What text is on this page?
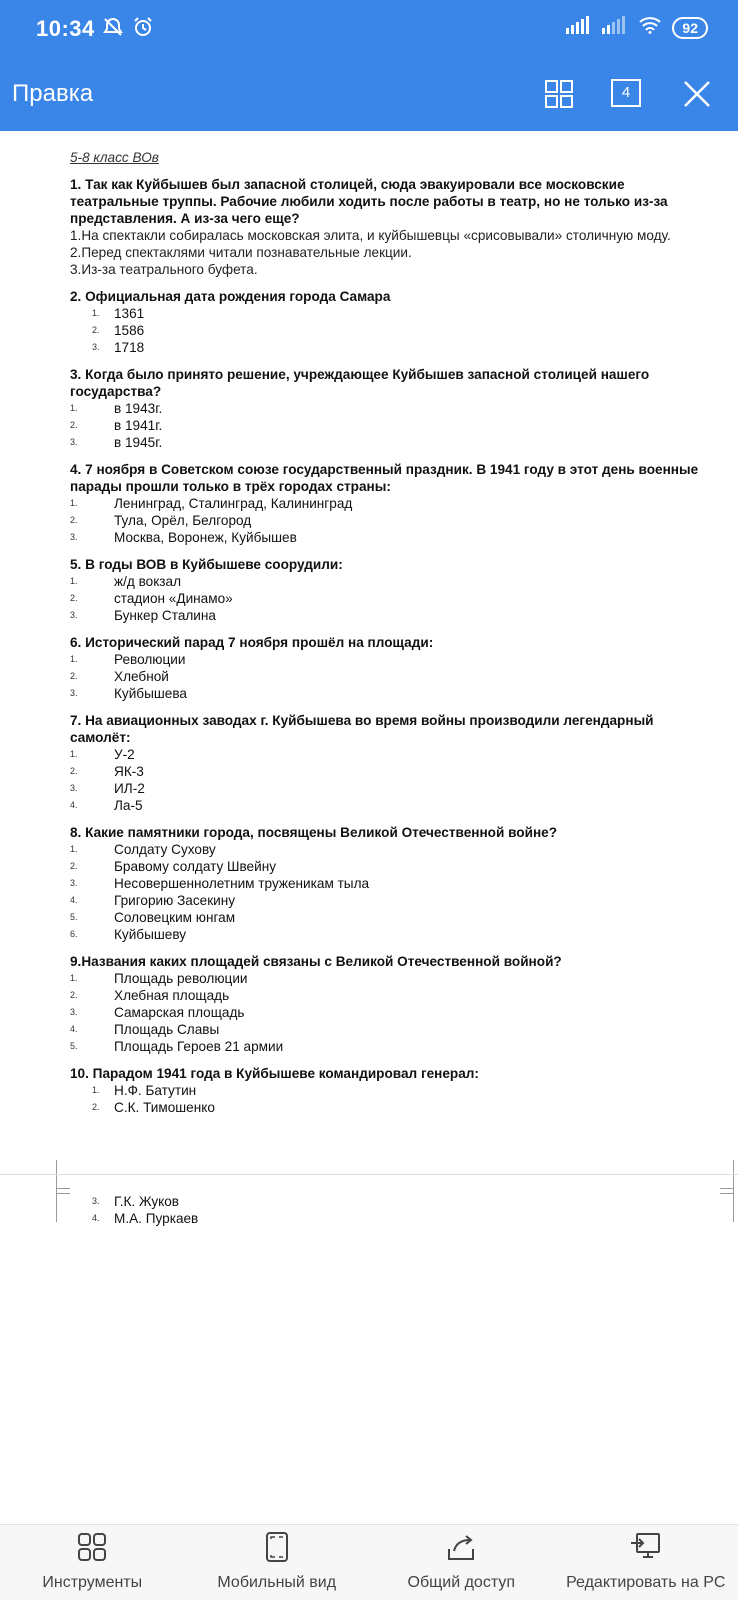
10:34	92
Правка	4
5-8 класс ВОв
1. Так как Куйбышев был запасной столицей, сюда эвакуировали все московские театральные труппы. Рабочие любили ходить после работы в театр, но не только из-за представления. А из-за чего еще?
1.На спектакли собиралась московская элита, и куйбышевцы «срисовывали» столичную моду.
2.Перед спектаклями читали познавательные лекции.
3.Из-за театрального буфета.
2. Официальная дата рождения города Самара
1.	1361
2.	1586
3.	1718
3. Когда было принято решение, учреждающее Куйбышев запасной столицей нашего государства?
1.	в 1943г.
2.	в 1941г.
3.	в 1945г.
4. 7 ноября в Советском союзе государственный праздник. В 1941 году в этот день военные парады прошли только в трёх городах страны:
1.	Ленинград, Сталинград, Калининград
2.	Тула, Орёл, Белгород
3.	Москва, Воронеж, Куйбышев
5. В годы ВОВ в Куйбышеве соорудили:
1.	ж/д вокзал
2.	стадион «Динамо»
3.	Бункер Сталина
6. Исторический парад 7 ноября прошёл на площади:
1.	Революции
2.	Хлебной
3.	Куйбышева
7. На авиационных заводах г. Куйбышева во время войны производили легендарный самолёт:
1.	У-2
2.	ЯК-3
3.	ИЛ-2
4.	Ла-5
8. Какие памятники города, посвящены Великой Отечественной войне?
1.	Солдату Сухову
2.	Бравому солдату Швейну
3.	Несовершеннолетним труженикам тыла
4.	Григорию Засекину
5.	Соловецким юнгам
6.	Куйбышеву
9.Названия каких площадей связаны с Великой Отечественной войной?
1.	Площадь революции
2.	Хлебная площадь
3.	Самарская площадь
4.	Площадь Славы
5.	Площадь Героев 21 армии
10. Парадом 1941 года в Куйбышеве командировал генерал:
1.	Н.Ф. Батутин
2.	С.К. Тимошенко
3.	Г.К. Жуков
4.	М.А. Пуркаев
Инструменты	Мобильный вид	Общий доступ	Редактировать на PC
